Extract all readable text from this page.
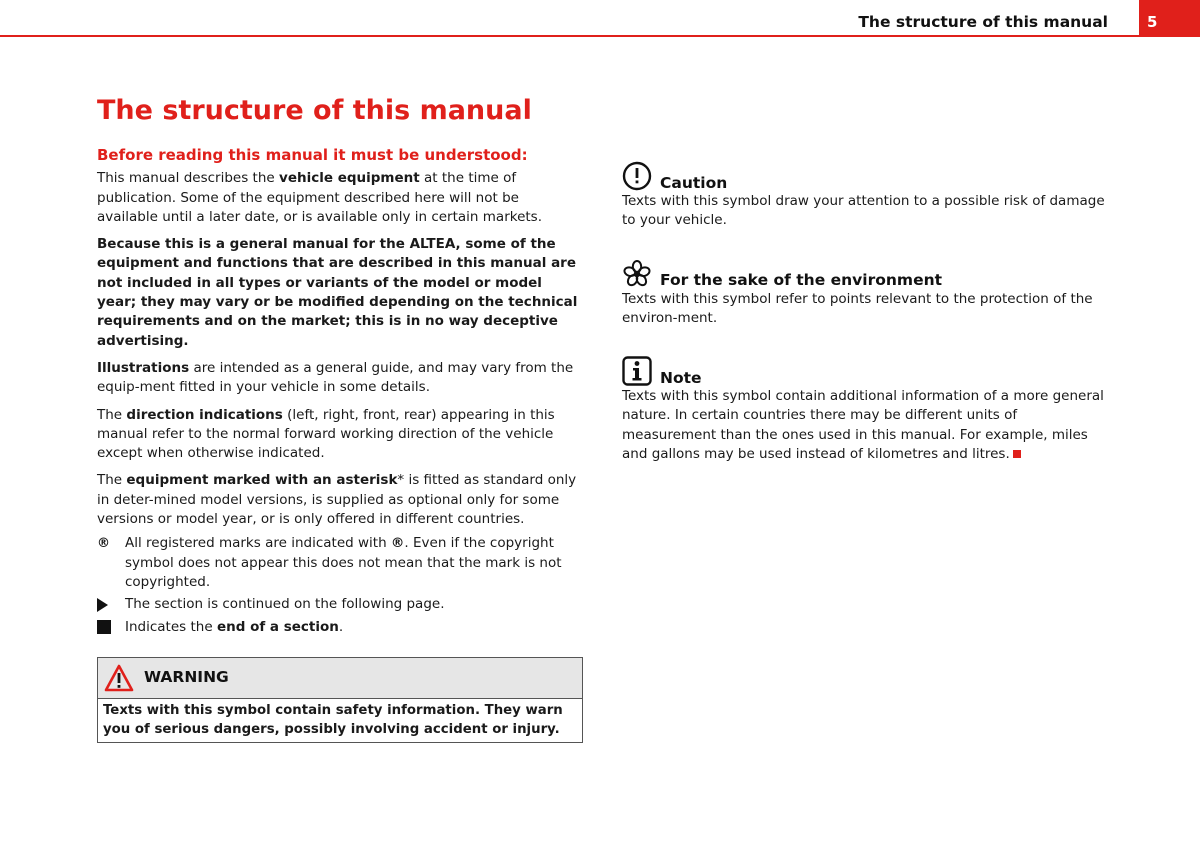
The structure of this manual	5
The structure of this manual
Before reading this manual it must be understood:

This manual describes the vehicle equipment at the time of publication. Some of the equipment described here will not be available until a later date, or is available only in certain markets.

Because this is a general manual for the ALTEA, some of the equipment and functions that are described in this manual are not included in all types or variants of the model or model year; they may vary or be modified depending on the technical requirements and on the market; this is in no way deceptive advertising.

Illustrations are intended as a general guide, and may vary from the equip-ment fitted in your vehicle in some details.

The direction indications (left, right, front, rear) appearing in this manual refer to the normal forward working direction of the vehicle except when otherwise indicated.

The equipment marked with an asterisk* is fitted as standard only in deter-mined model versions, is supplied as optional only for some versions or model year, or is only offered in different countries.

®	All registered marks are indicated with ®. Even if the copyright symbol does not appear this does not mean that the mark is not copyrighted.
The section is continued on the following page.
Indicates the end of a section.
WARNING
Texts with this symbol contain safety information. They warn you of serious dangers, possibly involving accident or injury.
Caution
Texts with this symbol draw your attention to a possible risk of damage to your vehicle.
For the sake of the environment
Texts with this symbol refer to points relevant to the protection of the environ-ment.
Note
Texts with this symbol contain additional information of a more general nature. In certain countries there may be different units of measurement than the ones used in this manual. For example, miles and gallons may be used instead of kilometres and litres.
